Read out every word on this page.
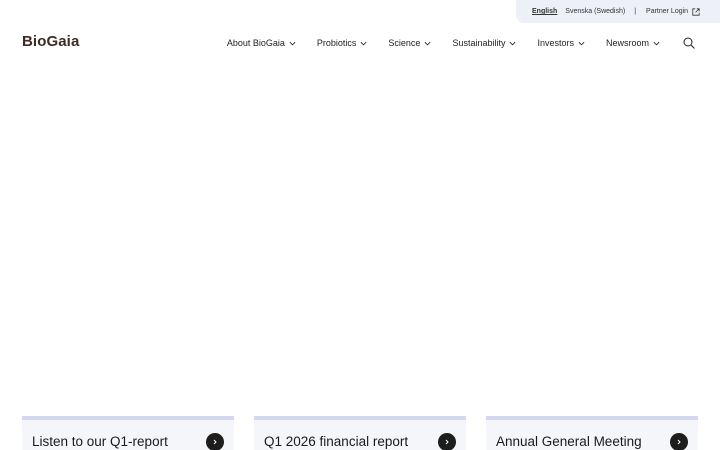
English Svenska (Swedish) | Partner Login
BioGaia	About BioGaia	Probiotics	Science	Sustainability	Investors	Newsroom
Listen to our Q1-report	Q1 2026 financial report	Annual General Meeting
